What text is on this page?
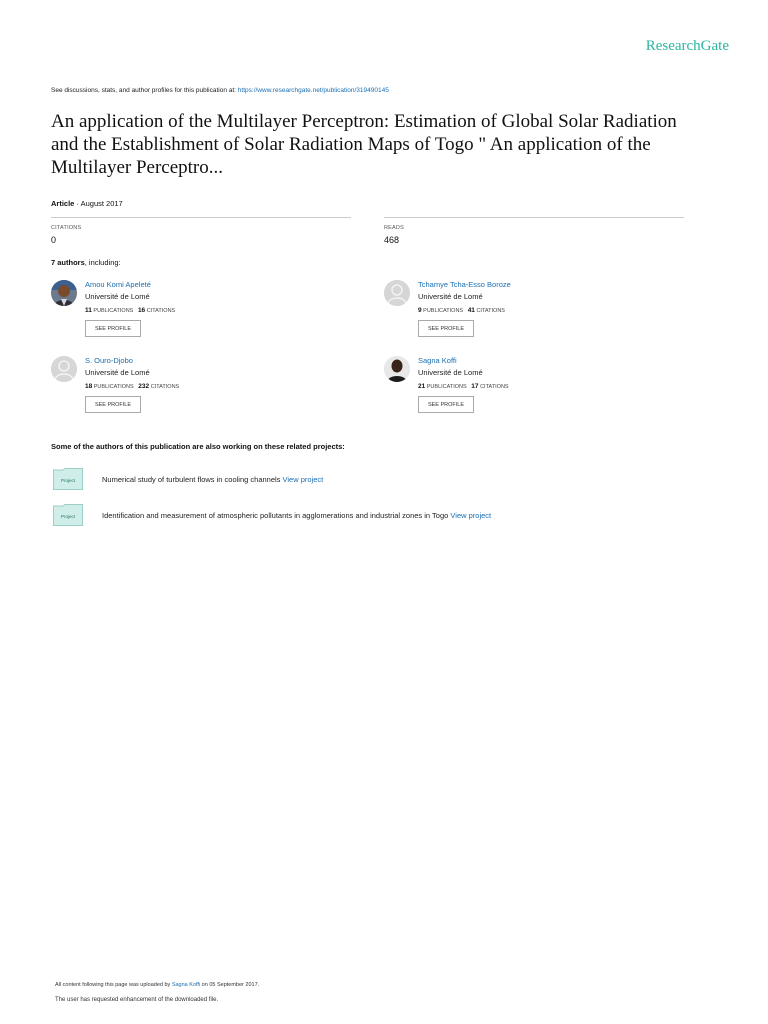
ResearchGate
See discussions, stats, and author profiles for this publication at: https://www.researchgate.net/publication/319490145
An application of the Multilayer Perceptron: Estimation of Global Solar Radiation and the Establishment of Solar Radiation Maps of Togo " An application of the Multilayer Perceptro...
Article · August 2017
CITATIONS
0
READS
468
7 authors, including:
Amou Komi Apeleté
Université de Lomé
11 PUBLICATIONS 16 CITATIONS
SEE PROFILE
Tchamye Tcha-Esso Boroze
Université de Lomé
9 PUBLICATIONS 41 CITATIONS
SEE PROFILE
S. Ouro-Djobo
Université de Lomé
18 PUBLICATIONS 232 CITATIONS
SEE PROFILE
Sagna Koffi
Université de Lomé
21 PUBLICATIONS 17 CITATIONS
SEE PROFILE
Some of the authors of this publication are also working on these related projects:
Project	Numerical study of turbulent flows in cooling channels View project
Project	Identification and measurement of atmospheric pollutants in agglomerations and industrial zones in Togo View project
All content following this page was uploaded by Sagna Koffi on 05 September 2017.
The user has requested enhancement of the downloaded file.
